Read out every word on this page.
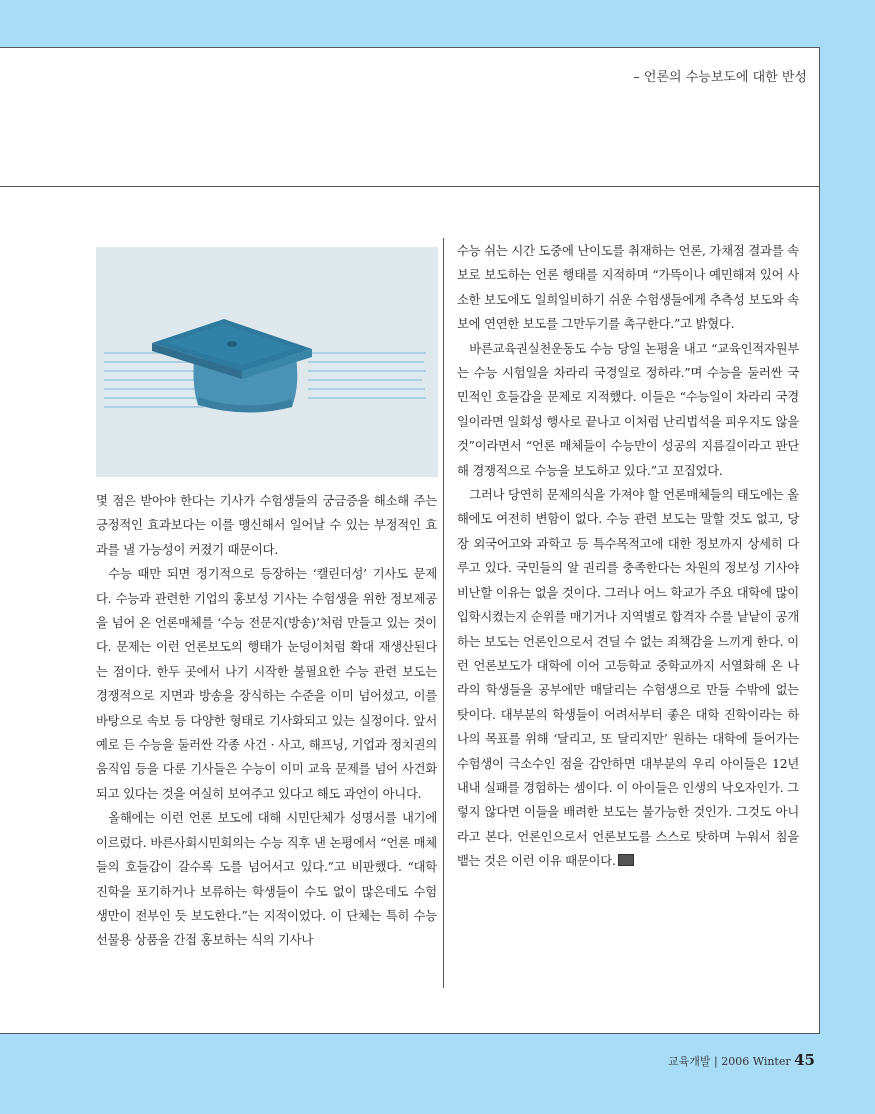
– 언론의 수능보도에 대한 반성

몇 점은 받아야 한다는 기사가 수험생들의 궁금증을 해소해 주는 긍정적인 효과보다는 이를 맹신해서 일어날 수 있는 부정적인 효과를 낼 가능성이 커졌기 때문이다.

수능 때만 되면 정기적으로 등장하는 ‘캘린더성’ 기사도 문제다. 수능과 관련한 기업의 홍보성 기사는 수험생을 위한 정보제공을 넘어 온 언론매체를 ‘수능 전문지(방송)’처럼 만들고 있는 것이다. 문제는 이런 언론보도의 행태가 눈덩이처럼 확대 재생산된다는 점이다. 한두 곳에서 나기 시작한 불필요한 수능 관련 보도는 경쟁적으로 지면과 방송을 장식하는 수준을 이미 넘어섰고, 이를 바탕으로 속보 등 다양한 형태로 기사화되고 있는 실정이다. 앞서 예로 든 수능을 둘러싼 각종 사건 · 사고, 해프닝, 기업과 정치권의 움직임 등을 다룬 기사들은 수능이 이미 교육 문제를 넘어 사건화되고 있다는 것을 여실히 보여주고 있다고 해도 과언이 아니다.

올해에는 이런 언론 보도에 대해 시민단체가 성명서를 내기에 이르렀다. 바른사회시민회의는 수능 직후 낸 논평에서 “언론 매체들의 호들갑이 갈수록 도를 넘어서고 있다.”고 비판했다. “대학 진학을 포기하거나 보류하는 학생들이 수도 없이 많은데도 수험생만이 전부인 듯 보도한다.”는 지적이었다. 이 단체는 특히 수능 선물용 상품을 간접 홍보하는 식의 기사나

수능 쉬는 시간 도중에 난이도를 취재하는 언론, 가채점 결과를 속보로 보도하는 언론 행태를 지적하며 “가뜩이나 예민해져 있어 사소한 보도에도 일희일비하기 쉬운 수험생들에게 추측성 보도와 속보에 연연한 보도를 그만두기를 촉구한다.”고 밝혔다.

바른교육권실천운동도 수능 당일 논평을 내고 “교육인적자원부는 수능 시험일을 차라리 국경일로 정하라.”며 수능을 둘러싼 국민적인 호들갑을 문제로 지적했다. 이들은 “수능일이 차라리 국경일이라면 일회성 행사로 끝나고 이처럼 난리법석을 피우지도 않을 것”이라면서 “언론 매체들이 수능만이 성공의 지름길이라고 판단해 경쟁적으로 수능을 보도하고 있다.”고 꼬집었다.

그러나 당연히 문제의식을 가져야 할 언론매체들의 태도에는 올해에도 여전히 변함이 없다. 수능 관련 보도는 말할 것도 없고, 당장 외국어고와 과학고 등 특수목적고에 대한 정보까지 상세히 다루고 있다. 국민들의 알 권리를 충족한다는 차원의 정보성 기사야 비난할 이유는 없을 것이다. 그러나 어느 학교가 주요 대학에 많이 입학시켰는지 순위를 매기거나 지역별로 합격자 수를 낱낱이 공개하는 보도는 언론인으로서 견딜 수 없는 죄책감을 느끼게 한다. 이런 언론보도가 대학에 이어 고등학교 중학교까지 서열화해 온 나라의 학생들을 공부에만 매달리는 수험생으로 만들 수밖에 없는 탓이다. 대부분의 학생들이 어려서부터 좋은 대학 진학이라는 하나의 목표를 위해 ‘달리고, 또 달리지만’ 원하는 대학에 들어가는 수험생이 극소수인 점을 감안하면 대부분의 우리 아이들은 12년 내내 실패를 경험하는 셈이다. 이 아이들은 인생의 낙오자인가. 그렇지 않다면 이들을 배려한 보도는 불가능한 것인가. 그것도 아니라고 본다. 언론인으로서 언론보도를 스스로 탓하며 누워서 침을 뱉는 것은 이런 이유 때문이다.

교육개발 | 2006 Winter 45
